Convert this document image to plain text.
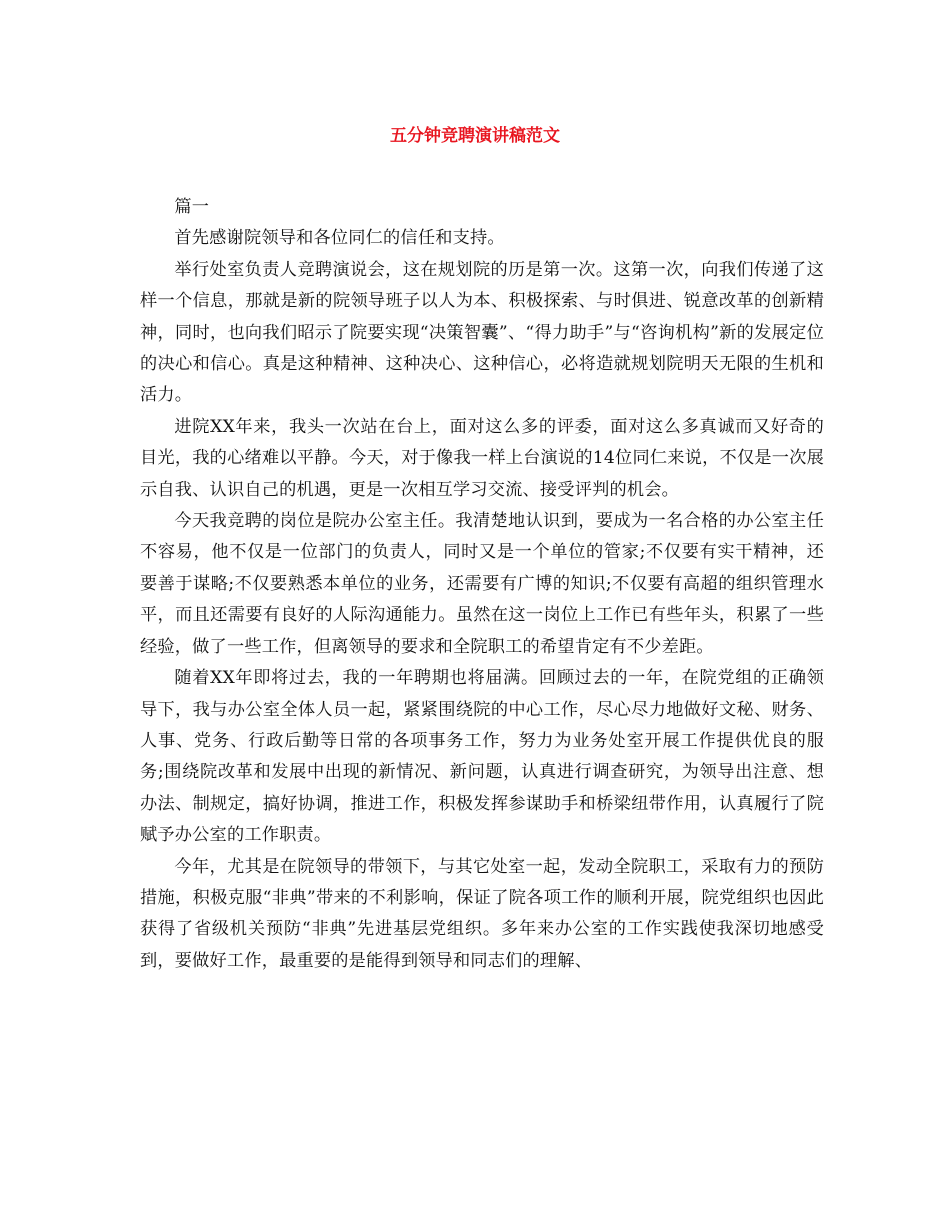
五分钟竞聘演讲稿范文

篇一

首先感谢院领导和各位同仁的信任和支持。

举行处室负责人竞聘演说会，这在规划院的历是第一次。这第一次，向我们传递了这样一个信息，那就是新的院领导班子以人为本、积极探索、与时俱进、锐意改革的创新精神，同时，也向我们昭示了院要实现“决策智囊”、“得力助手”与“咨询机构”新的发展定位的决心和信心。真是这种精神、这种决心、这种信心，必将造就规划院明天无限的生机和活力。

进院XX年来，我头一次站在台上，面对这么多的评委，面对这么多真诚而又好奇的目光，我的心绪难以平静。今天，对于像我一样上台演说的14位同仁来说，不仅是一次展示自我、认识自己的机遇，更是一次相互学习交流、接受评判的机会。

今天我竞聘的岗位是院办公室主任。我清楚地认识到，要成为一名合格的办公室主任不容易，他不仅是一位部门的负责人，同时又是一个单位的管家;不仅要有实干精神，还要善于谋略;不仅要熟悉本单位的业务，还需要有广博的知识;不仅要有高超的组织管理水平，而且还需要有良好的人际沟通能力。虽然在这一岗位上工作已有些年头，积累了一些经验，做了一些工作，但离领导的要求和全院职工的希望肯定有不少差距。

随着XX年即将过去，我的一年聘期也将届满。回顾过去的一年，在院党组的正确领导下，我与办公室全体人员一起，紧紧围绕院的中心工作，尽心尽力地做好文秘、财务、人事、党务、行政后勤等日常的各项事务工作，努力为业务处室开展工作提供优良的服务;围绕院改革和发展中出现的新情况、新问题，认真进行调查研究，为领导出注意、想办法、制规定，搞好协调，推进工作，积极发挥参谋助手和桥梁纽带作用，认真履行了院赋予办公室的工作职责。

今年，尤其是在院领导的带领下，与其它处室一起，发动全院职工，采取有力的预防措施，积极克服“非典”带来的不利影响，保证了院各项工作的顺利开展，院党组织也因此获得了省级机关预防“非典”先进基层党组织。多年来办公室的工作实践使我深切地感受到，要做好工作，最重要的是能得到领导和同志们的理解、
